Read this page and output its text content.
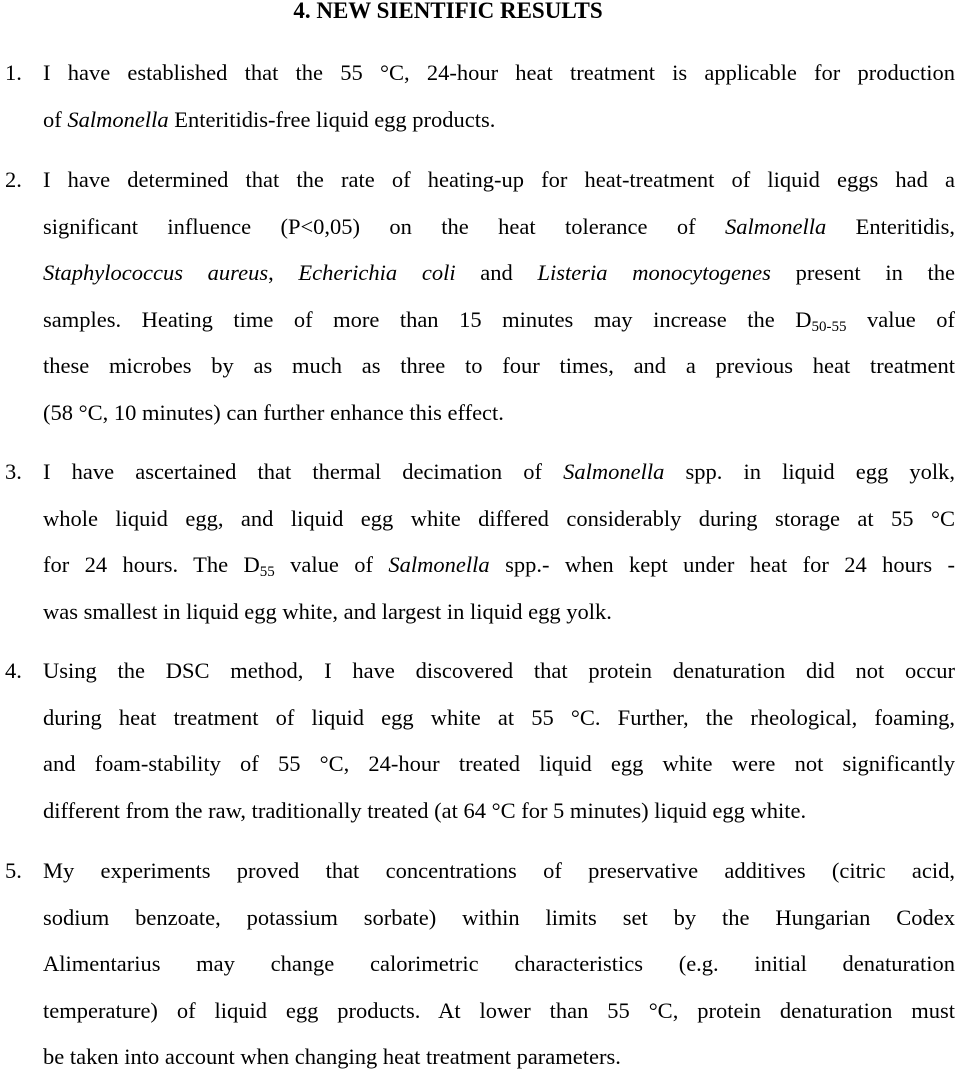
4. NEW SIENTIFIC RESULTS
1. I have established that the 55 °C, 24-hour heat treatment is applicable for production
of Salmonella Enteritidis-free liquid egg products.
2. I have determined that the rate of heating-up for heat-treatment of liquid eggs had a
significant influence (P<0,05) on the heat tolerance of Salmonella Enteritidis,
Staphylococcus aureus, Echerichia coli and Listeria monocytogenes present in the
samples. Heating time of more than 15 minutes may increase the $D_{50-55}$ value of
these microbes by as much as three to four times, and a previous heat treatment
(58 °C, 10 minutes) can further enhance this effect.
3. I have ascertained that thermal decimation of Salmonella spp. in liquid egg yolk,
whole liquid egg, and liquid egg white differed considerably during storage at 55 °C
for 24 hours. The $D_{55}$ value of Salmonella spp.- when kept under heat for 24 hours -
was smallest in liquid egg white, and largest in liquid egg yolk.
4. Using the DSC method, I have discovered that protein denaturation did not occur
during heat treatment of liquid egg white at 55 °C. Further, the rheological, foaming,
and foam-stability of 55 °C, 24-hour treated liquid egg white were not significantly
different from the raw, traditionally treated (at 64 °C for 5 minutes) liquid egg white.
5. My experiments proved that concentrations of preservative additives (citric acid,
sodium benzoate, potassium sorbate) within limits set by the Hungarian Codex
Alimentarius may change calorimetric characteristics (e.g. initial denaturation
temperature) of liquid egg products. At lower than 55 °C, protein denaturation must
be taken into account when changing heat treatment parameters.
